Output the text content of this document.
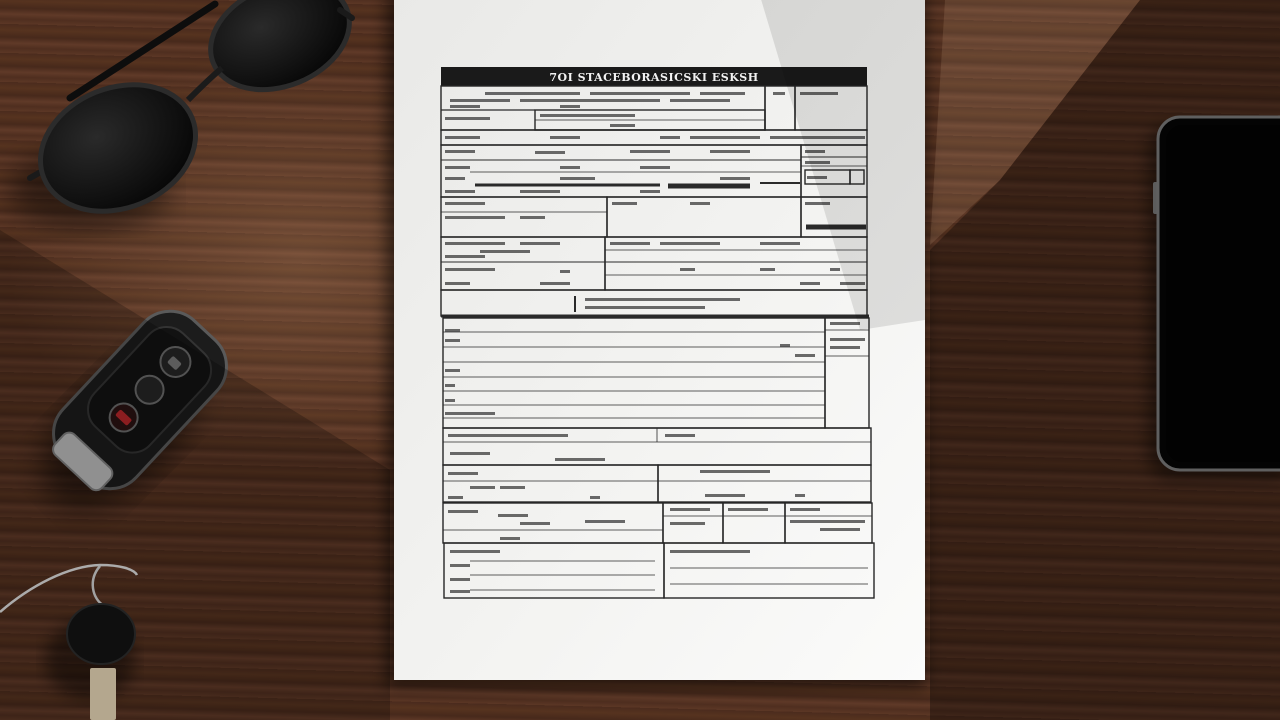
7OI STACEBORASICSKI ESKSH
